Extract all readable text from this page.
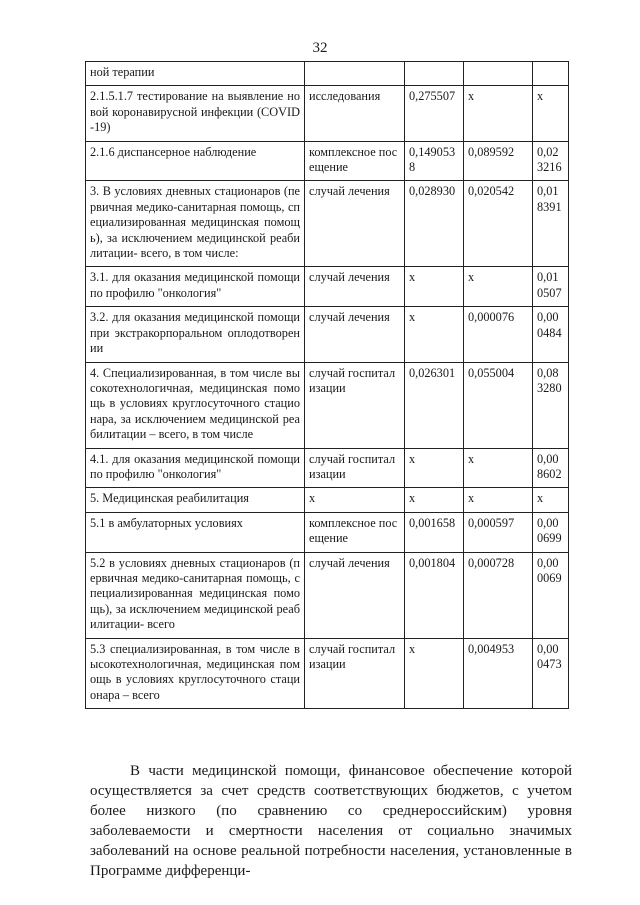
32
ной терапии				
2.1.5.1.7 тестирование на выявление новой коронавирусной инфекции (COVID-19)	исследования	0,275507	x	x
2.1.6 диспансерное наблюдение	комплексное посещение	0,1490538	0,089592	0,023216
3. В условиях дневных стационаров (первичная медико-санитарная помощь, специализированная медицинская помощь), за исключением медицинской реабилитации- всего, в том числе:	случай лечения	0,028930	0,020542	0,018391
3.1. для оказания медицинской помощи по профилю "онкология"	случай лечения	x	x	0,010507
3.2. для оказания медицинской помощи при экстракорпоральном оплодотворении	случай лечения	x	0,000076	0,000484
4. Специализированная, в том числе высокотехнологичная, медицинская помощь в условиях круглосуточного стационара, за исключением медицинской реабилитации – всего, в том числе	случай госпитализации	0,026301	0,055004	0,083280
4.1. для оказания медицинской помощи по профилю "онкология"	случай госпитализации	x	x	0,008602
5. Медицинская реабилитация	x	x	x	x
5.1 в амбулаторных условиях	комплексное посещение	0,001658	0,000597	0,000699
5.2 в условиях дневных стационаров (первичная медико-санитарная помощь, специализированная медицинская помощь), за исключением медицинской реабилитации- всего	случай лечения	0,001804	0,000728	0,000069
5.3 специализированная, в том числе высокотехнологичная, медицинская помощь в условиях круглосуточного стационара – всего	случай госпитализации	x	0,004953	0,000473

В части медицинской помощи, финансовое обеспечение которой осуществляется за счет средств соответствующих бюджетов, с учетом более низкого (по сравнению со среднероссийским) уровня заболеваемости и смертности населения от социально значимых заболеваний на основе реальной потребности населения, установленные в Программе дифференци-
